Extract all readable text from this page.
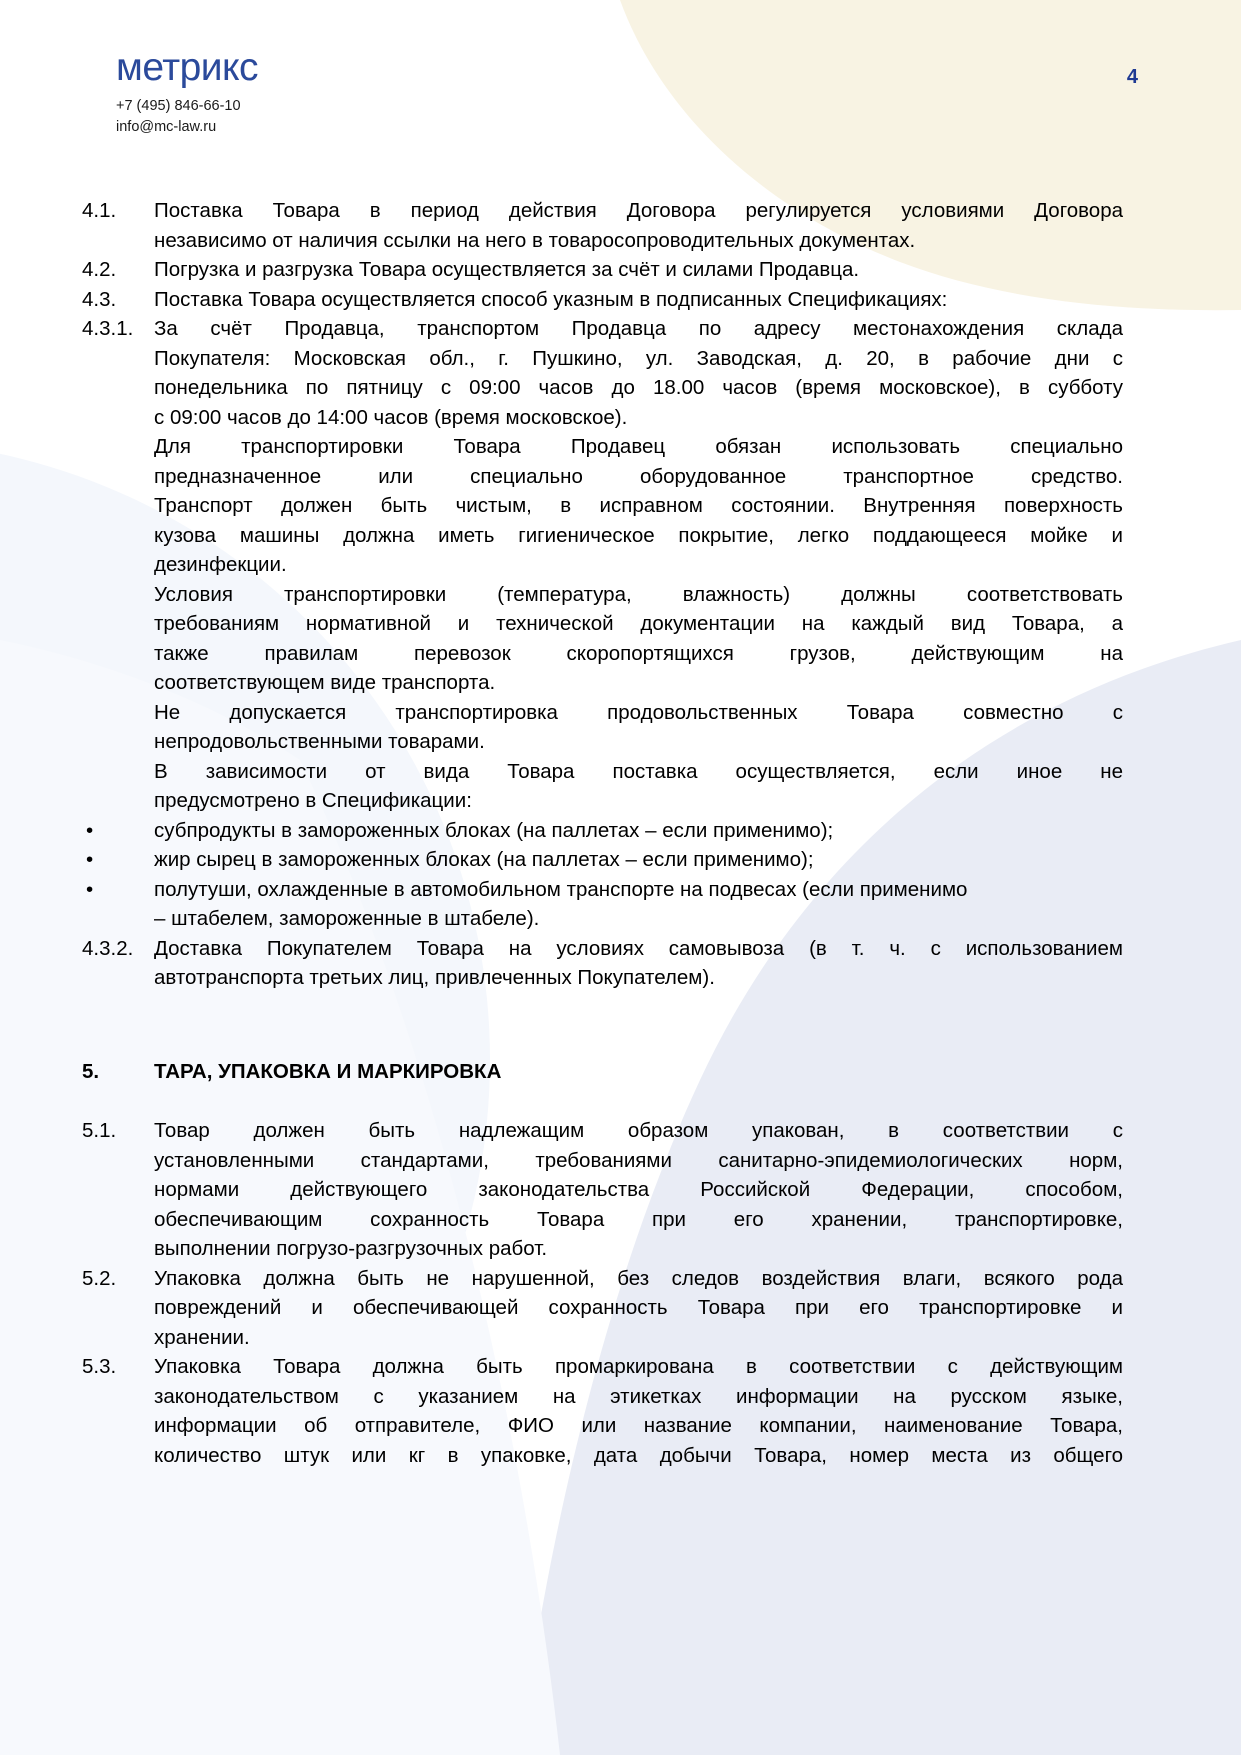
метрикс
+7 (495) 846-66-10
info@mc-law.ru
4
4.1.	Поставка Товара в период действия Договора регулируется условиями Договора
независимо от наличия ссылки на него в товаросопроводительных документах.
4.2.	Погрузка и разгрузка Товара осуществляется за счёт и силами Продавца.
4.3.	Поставка Товара осуществляется способ указным в подписанных Спецификациях:
4.3.1.	За счёт Продавца, транспортом Продавца по адресу местонахождения склада
Покупателя: Московская обл., г. Пушкино, ул. Заводская, д. 20, в рабочие дни с
понедельника по пятницу с 09:00 часов до 18.00 часов (время московское), в субботу
с 09:00 часов до 14:00 часов (время московское).
Для транспортировки Товара Продавец обязан использовать специально
предназначенное или специально оборудованное транспортное средство.
Транспорт должен быть чистым, в исправном состоянии. Внутренняя поверхность
кузова машины должна иметь гигиеническое покрытие, легко поддающееся мойке и
дезинфекции.
Условия транспортировки (температура, влажность) должны соответствовать
требованиям нормативной и технической документации на каждый вид Товара, а
также правилам перевозок скоропортящихся грузов, действующим на
соответствующем виде транспорта.
Не допускается транспортировка продовольственных Товара совместно с
непродовольственными товарами.
В зависимости от вида Товара поставка осуществляется, если иное не
предусмотрено в Спецификации:
•	субпродукты в замороженных блоках (на паллетах – если применимо);
•	жир сырец в замороженных блоках (на паллетах – если применимо);
•	полутуши, охлажденные в автомобильном транспорте на подвесах (если применимо
– штабелем, замороженные в штабеле).
4.3.2.	Доставка Покупателем Товара на условиях самовывоза (в т. ч. с использованием
автотранспорта третьих лиц, привлеченных Покупателем).
5.	ТАРА, УПАКОВКА И МАРКИРОВКА
5.1.	Товар должен быть надлежащим образом упакован, в соответствии с
установленными стандартами, требованиями санитарно-эпидемиологических норм,
нормами действующего законодательства Российской Федерации, способом,
обеспечивающим сохранность Товара при его хранении, транспортировке,
выполнении погрузо-разгрузочных работ.
5.2.	Упаковка должна быть не нарушенной, без следов воздействия влаги, всякого рода
повреждений и обеспечивающей сохранность Товара при его транспортировке и
хранении.
5.3.	Упаковка Товара должна быть промаркирована в соответствии с действующим
законодательством с указанием на этикетках информации на русском языке,
информации об отправителе, ФИО или название компании, наименование Товара,
количество штук или кг в упаковке, дата добычи Товара, номер места из общего
